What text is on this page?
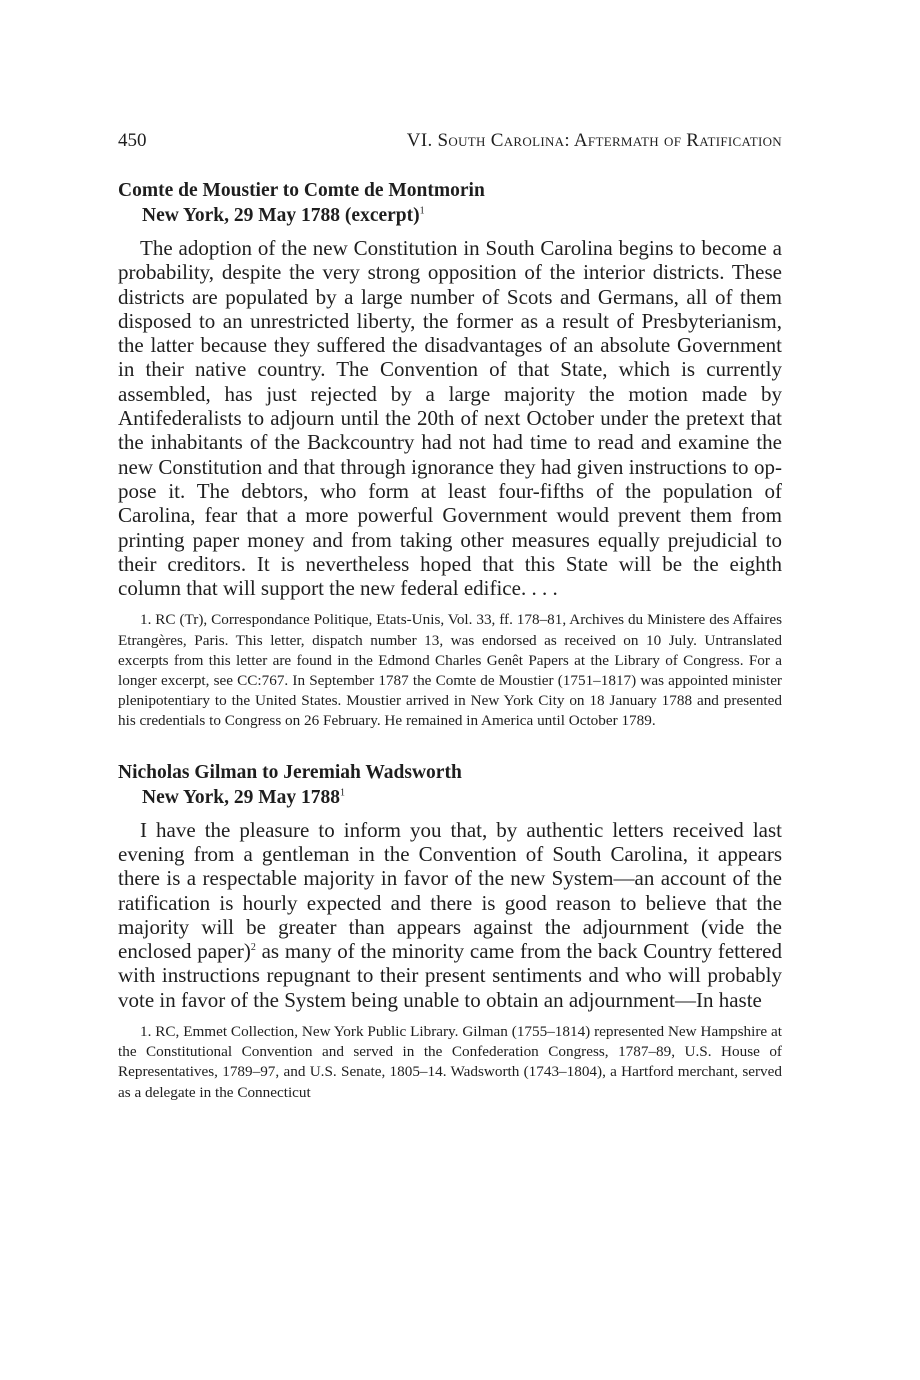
450	VI. South Carolina: Aftermath of Ratification
Comte de Moustier to Comte de Montmorin
New York, 29 May 1788 (excerpt)$^1$

The adoption of the new Constitution in South Carolina begins to become a probability, despite the very strong opposition of the interior districts. These districts are populated by a large number of Scots and Germans, all of them disposed to an unrestricted liberty, the former as a result of Presbyterianism, the latter because they suffered the disadvantages of an absolute Government in their native country. The Convention of that State, which is currently assembled, has just rejected by a large majority the motion made by Antifederalists to adjourn until the 20th of next October under the pretext that the inhabitants of the Backcountry had not had time to read and examine the new Constitution and that through ignorance they had given instructions to oppose it. The debtors, who form at least four-fifths of the population of Carolina, fear that a more powerful Government would prevent them from printing paper money and from taking other measures equally prejudicial to their creditors. It is nevertheless hoped that this State will be the eighth column that will support the new federal edifice. . . .

1. RC (Tr), Correspondance Politique, Etats-Unis, Vol. 33, ff. 178–81, Archives du Ministere des Affaires Etrangères, Paris. This letter, dispatch number 13, was endorsed as received on 10 July. Untranslated excerpts from this letter are found in the Edmond Charles Genêt Papers at the Library of Congress. For a longer excerpt, see CC:767. In September 1787 the Comte de Moustier (1751–1817) was appointed minister plenipotentiary to the United States. Moustier arrived in New York City on 18 January 1788 and presented his credentials to Congress on 26 February. He remained in America until October 1789.

Nicholas Gilman to Jeremiah Wadsworth
New York, 29 May 1788$^1$

I have the pleasure to inform you that, by authentic letters received last evening from a gentleman in the Convention of South Carolina, it appears there is a respectable majority in favor of the new System—an account of the ratification is hourly expected and there is good reason to believe that the majority will be greater than appears against the adjournment (vide the enclosed paper)$^2$ as many of the minority came from the back Country fettered with instructions repugnant to their present sentiments and who will probably vote in favor of the System being unable to obtain an adjournment—In haste

1. RC, Emmet Collection, New York Public Library. Gilman (1755–1814) represented New Hampshire at the Constitutional Convention and served in the Confederation Congress, 1787–89, U.S. House of Representatives, 1789–97, and U.S. Senate, 1805–14. Wadsworth (1743–1804), a Hartford merchant, served as a delegate in the Connecticut
